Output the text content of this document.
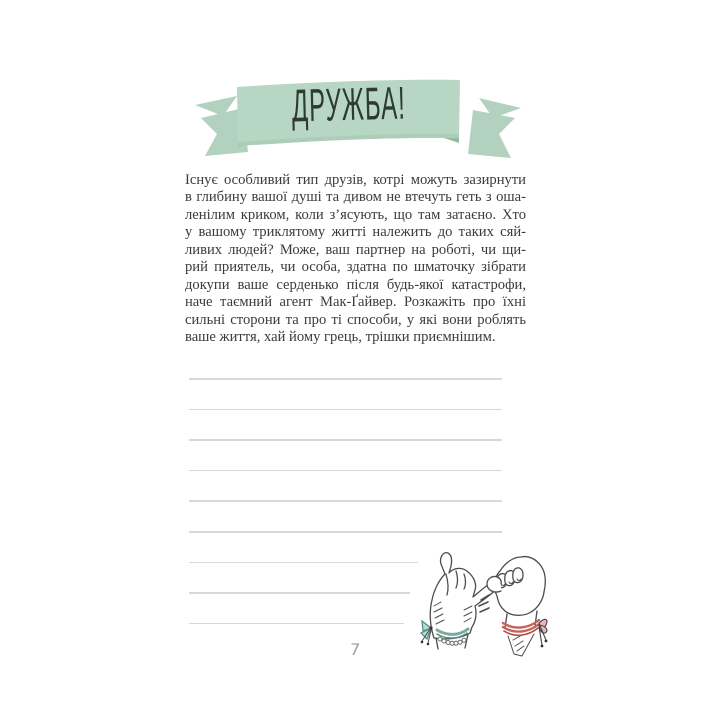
ДРУЖБА!
Існує особливий тип друзів, котрі можуть зазирнути
в глибину вашої душі та дивом не втечуть геть з оша-
ленілим криком, коли з’ясують, що там затаєно. Хто
у вашому триклятому житті належить до таких сяй-
ливих людей? Може, ваш партнер на роботі, чи щи-
рий приятель, чи особа, здатна по шматочку зібрати
докупи ваше серденько після будь-якої катастрофи,
наче таємний агент Мак-Ґайвер. Розкажіть про їхні
сильні сторони та про ті способи, у які вони роблять
ваше життя, хай йому грець, трішки приємнішим.
7
